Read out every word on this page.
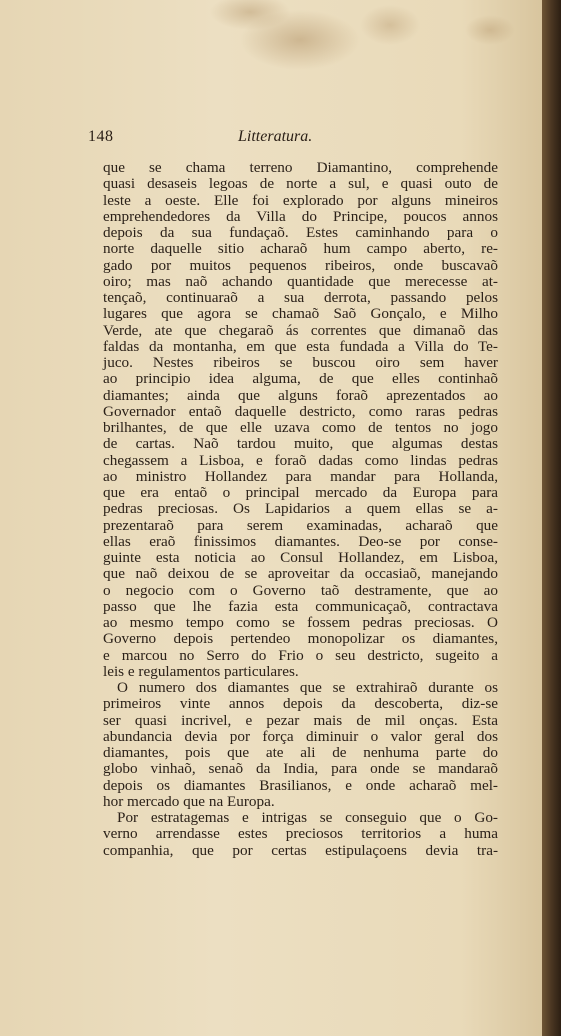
148	Litteratura.
que se chama terreno Diamantino, comprehende
quasi desaseis legoas de norte a sul, e quasi outo de
leste a oeste. Elle foi explorado por alguns mineiros
emprehendedores da Villa do Principe, poucos annos
depois da sua fundaçaõ. Estes caminhando para o
norte daquelle sitio acharaõ hum campo aberto, re-
gado por muitos pequenos ribeiros, onde buscavaõ
oiro; mas naõ achando quantidade que merecesse at-
tençaõ, continuaraõ a sua derrota, passando pelos
lugares que agora se chamaõ Saõ Gonçalo, e Milho
Verde, ate que chegaraõ ás correntes que dimanaõ das
faldas da montanha, em que esta fundada a Villa do Te-
juco. Nestes ribeiros se buscou oiro sem haver
ao principio idea alguma, de que elles continhaõ
diamantes; ainda que alguns foraõ aprezentados ao
Governador entaõ daquelle destricto, como raras pedras
brilhantes, de que elle uzava como de tentos no jogo
de cartas. Naõ tardou muito, que algumas destas
chegassem a Lisboa, e foraõ dadas como lindas pedras
ao ministro Hollandez para mandar para Hollanda,
que era entaõ o principal mercado da Europa para
pedras preciosas. Os Lapidarios a quem ellas se a-
prezentaraõ para serem examinadas, acharaõ que
ellas eraõ finissimos diamantes. Deo-se por conse-
guinte esta noticia ao Consul Hollandez, em Lisboa,
que naõ deixou de se aproveitar da occasiaõ, manejando
o negocio com o Governo taõ destramente, que ao
passo que lhe fazia esta communicaçaõ, contractava
ao mesmo tempo como se fossem pedras preciosas. O
Governo depois pertendeo monopolizar os diamantes,
e marcou no Serro do Frio o seu destricto, sugeito a
leis e regulamentos particulares.
O numero dos diamantes que se extrahiraõ durante os
primeiros vinte annos depois da descoberta, diz-se
ser quasi incrivel, e pezar mais de mil onças. Esta
abundancia devia por força diminuir o valor geral dos
diamantes, pois que ate ali de nenhuma parte do
globo vinhaõ, senaõ da India, para onde se mandaraõ
depois os diamantes Brasilianos, e onde acharaõ mel-
hor mercado que na Europa.
Por estratagemas e intrigas se conseguio que o Go-
verno arrendasse estes preciosos territorios a huma
companhia, que por certas estipulaçoens devia tra-
